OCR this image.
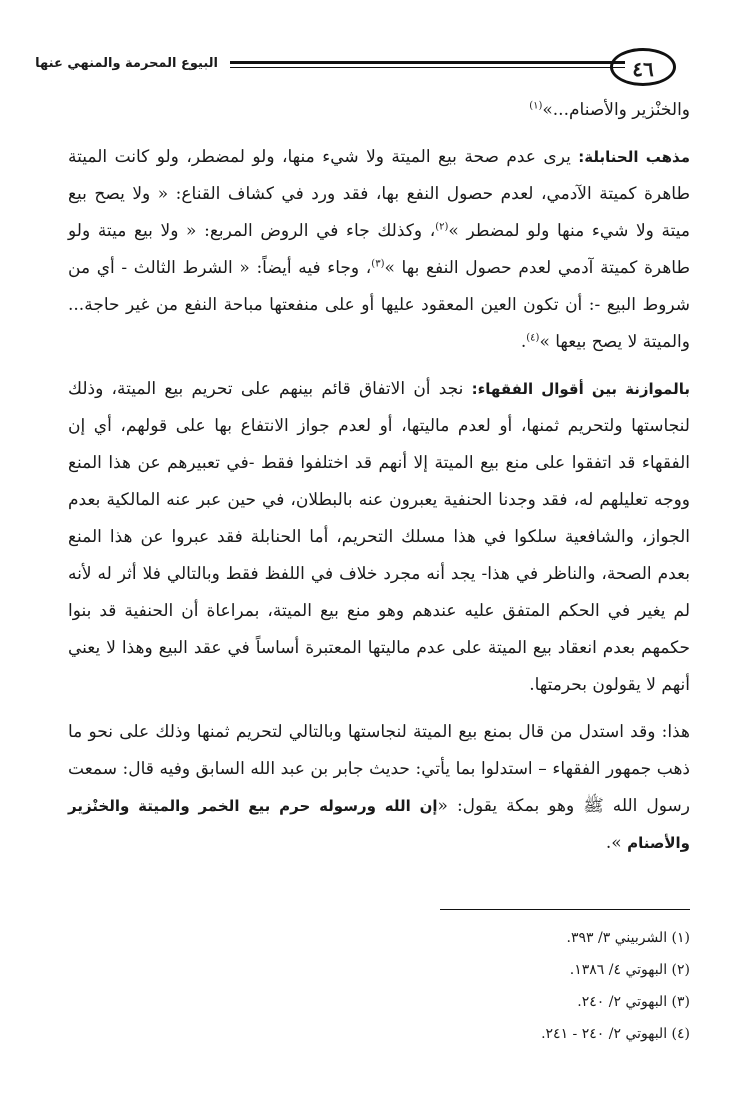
البيوع المحرمة والمنهي عنها	٤٦

والخنْزير والأصنام...»$^{(١)}$

مذهب الحنابلة: يرى عدم صحة بيع الميتة ولا شيء منها، ولو لمضطر، ولو كانت الميتة طاهرة كميتة الآدمي، لعدم حصول النفع بها، فقد ورد في كشاف القناع: « ولا يصح بيع ميتة ولا شيء منها ولو لمضطر »$^{(٢)}$، وكذلك جاء في الروض المربع: « ولا بيع ميتة ولو طاهرة كميتة آدمي لعدم حصول النفع بها »$^{(٣)}$، وجاء فيه أيضاً: « الشرط الثالث - أي من شروط البيع -: أن تكون العين المعقود عليها أو على منفعتها مباحة النفع من غير حاجة... والميتة لا يصح بيعها »$^{(٤)}$.

بالموازنة بين أقوال الفقهاء: نجد أن الاتفاق قائم بينهم على تحريم بيع الميتة، وذلك لنجاستها ولتحريم ثمنها، أو لعدم ماليتها، أو لعدم جواز الانتفاع بها على قولهم، أي إن الفقهاء قد اتفقوا على منع بيع الميتة إلا أنهم قد اختلفوا فقط -في تعبيرهم عن هذا المنع ووجه تعليلهم له، فقد وجدنا الحنفية يعبرون عنه بالبطلان، في حين عبر عنه المالكية بعدم الجواز، والشافعية سلكوا في هذا مسلك التحريم، أما الحنابلة فقد عبروا عن هذا المنع بعدم الصحة، والناظر في هذا- يجد أنه مجرد خلاف في اللفظ فقط وبالتالي فلا أثر له لأنه لم يغير في الحكم المتفق عليه عندهم وهو منع بيع الميتة، بمراعاة أن الحنفية قد بنوا حكمهم بعدم انعقاد بيع الميتة على عدم ماليتها المعتبرة أساساً في عقد البيع وهذا لا يعني أنهم لا يقولون بحرمتها.

هذا: وقد استدل من قال بمنع بيع الميتة لنجاستها وبالتالي لتحريم ثمنها وذلك على نحو ما ذهب جمهور الفقهاء – استدلوا بما يأتي: حديث جابر بن عبد الله السابق وفيه قال: سمعت رسول الله ﷺ وهو بمكة يقول: «إن الله ورسوله حرم بيع الخمر والميتة والخنْزير والأصنام ».

(١) الشربيني ٣/ ٣٩٣.
(٢) البهوتي ٤/ ١٣٨٦.
(٣) البهوتي ٢/ ٢٤٠.
(٤) البهوتي ٢/ ٢٤٠ - ٢٤١.
